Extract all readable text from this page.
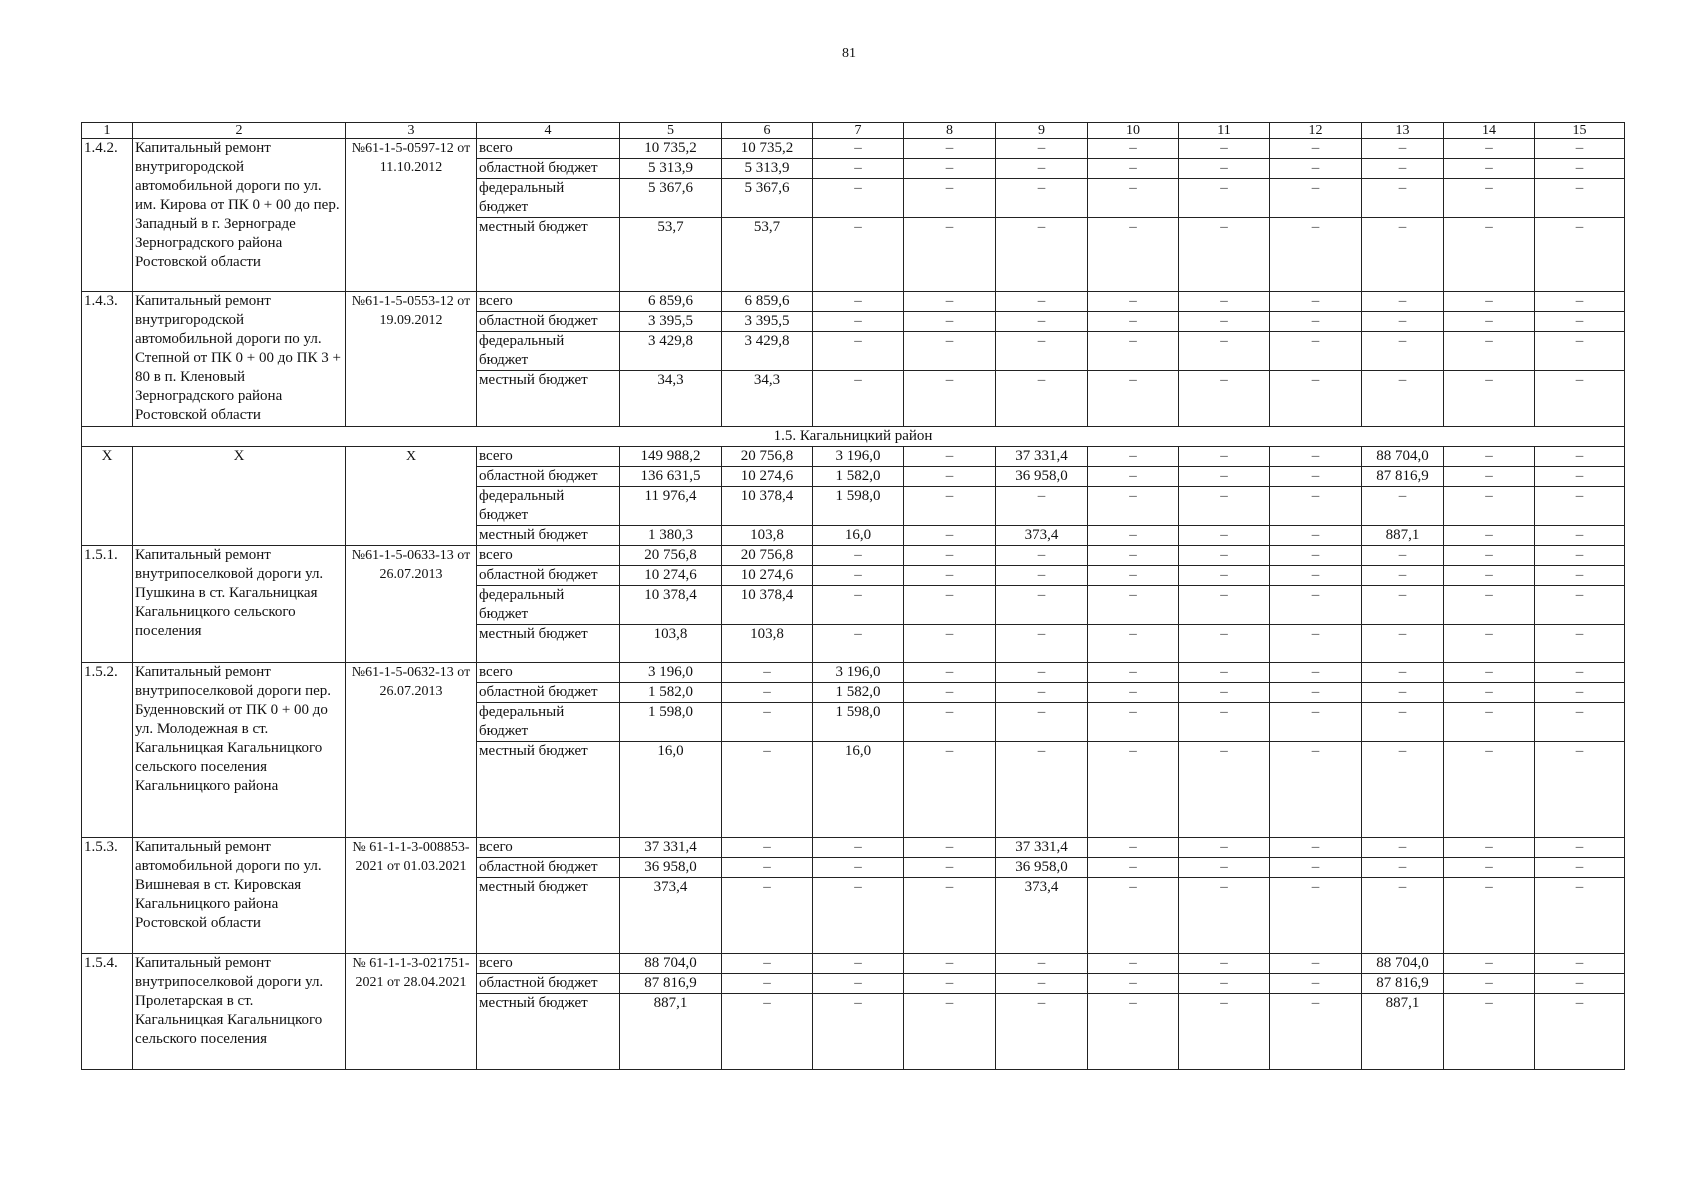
81
1	2	3	4	5	6	7	8	9	10	11	12	13	14	15
1.4.2.	Капитальный ремонт внутригородской автомобильной дороги по ул. им. Кирова от ПК 0 + 00 до пер. Западный в г. Зернограде Зерноградского района Ростовской области	№61-1-5-0597-12 от 11.10.2012	всего	10 735,2	10 735,2	–	–	–	–	–	–	–	–	–
			областной бюджет	5 313,9	5 313,9	–	–	–	–	–	–	–	–	–
			федеральный бюджет	5 367,6	5 367,6	–	–	–	–	–	–	–	–	–
			местный бюджет	53,7	53,7	–	–	–	–	–	–	–	–	–
1.4.3.	Капитальный ремонт внутригородской автомобильной дороги по ул. Степной от ПК 0 + 00 до ПК 3 + 80 в п. Кленовый Зерноградского района Ростовской области	№61-1-5-0553-12 от 19.09.2012	всего	6 859,6	6 859,6	–	–	–	–	–	–	–	–	–
			областной бюджет	3 395,5	3 395,5	–	–	–	–	–	–	–	–	–
			федеральный бюджет	3 429,8	3 429,8	–	–	–	–	–	–	–	–	–
			местный бюджет	34,3	34,3	–	–	–	–	–	–	–	–	–
1.5. Кагальницкий район														
Х	Х	Х	всего	149 988,2	20 756,8	3 196,0	–	37 331,4	–	–	–	88 704,0	–	–
			областной бюджет	136 631,5	10 274,6	1 582,0	–	36 958,0	–	–	–	87 816,9	–	–
			федеральный бюджет	11 976,4	10 378,4	1 598,0	–	–	–	–	–	–	–	–
			местный бюджет	1 380,3	103,8	16,0	–	373,4	–	–	–	887,1	–	–
1.5.1.	Капитальный ремонт внутрипоселковой дороги ул. Пушкина в ст. Кагальницкая Кагальницкого сельского поселения	№61-1-5-0633-13 от 26.07.2013	всего	20 756,8	20 756,8	–	–	–	–	–	–	–	–	–
			областной бюджет	10 274,6	10 274,6	–	–	–	–	–	–	–	–	–
			федеральный бюджет	10 378,4	10 378,4	–	–	–	–	–	–	–	–	–
			местный бюджет	103,8	103,8	–	–	–	–	–	–	–	–	–
1.5.2.	Капитальный ремонт внутрипоселковой дороги пер. Буденновский от ПК 0 + 00 до ул. Молодежная в ст. Кагальницкая Кагальницкого сельского поселения Кагальницкого района	№61-1-5-0632-13 от 26.07.2013	всего	3 196,0	–	3 196,0	–	–	–	–	–	–	–	–
			областной бюджет	1 582,0	–	1 582,0	–	–	–	–	–	–	–	–
			федеральный бюджет	1 598,0	–	1 598,0	–	–	–	–	–	–	–	–
			местный бюджет	16,0	–	16,0	–	–	–	–	–	–	–	–
1.5.3.	Капитальный ремонт автомобильной дороги по ул. Вишневая в ст. Кировская Кагальницкого района Ростовской области	№ 61-1-1-3-008853-2021 от 01.03.2021	всего	37 331,4	–	–	–	37 331,4	–	–	–	–	–	–
			областной бюджет	36 958,0	–	–	–	36 958,0	–	–	–	–	–	–
			местный бюджет	373,4	–	–	–	373,4	–	–	–	–	–	–
1.5.4.	Капитальный ремонт внутрипоселковой дороги ул. Пролетарская в ст. Кагальницкая Кагальницкого сельского поселения	№ 61-1-1-3-021751-2021 от 28.04.2021	всего	88 704,0	–	–	–	–	–	–	–	88 704,0	–	–
			областной бюджет	87 816,9	–	–	–	–	–	–	–	87 816,9	–	–
			местный бюджет	887,1	–	–	–	–	–	–	–	887,1	–	–
